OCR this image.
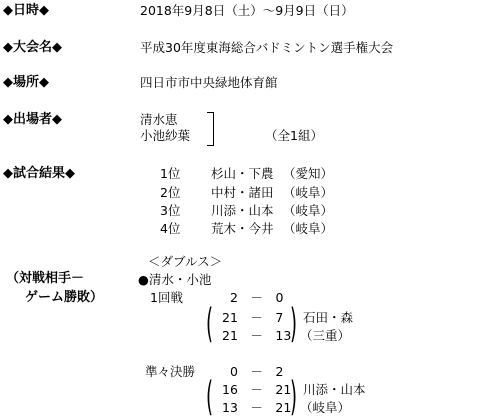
◆日時◆	2018年9月8日（土）～9月9日（日）
◆大会名◆	平成30年度東海総合バドミントン選手権大会
◆場所◆	四日市市中央緑地体育館
◆出場者◆	清水恵
小池紗葉	（全1組）
◆試合結果◆	1位 杉山・下農 （愛知）
2位 中村・諸田 （岐阜）
3位 川添・山本 （岐阜）
4位 荒木・今井 （岐阜）
（対戦相手－
ゲーム勝敗）
＜ダブルス＞
●清水・小池
1回戦	2　－　0
( 21　－　7
21　－　13
) 石田・森
（三重）
準々決勝	0　－　2
( 16　－　21
13　－　21
) 川添・山本
（岐阜）
